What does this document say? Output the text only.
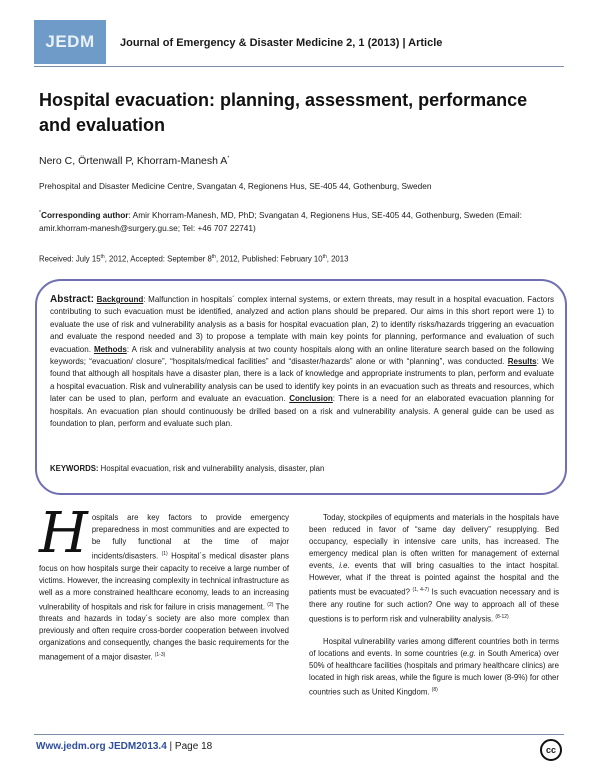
JEDM	Journal of Emergency & Disaster Medicine 2, 1 (2013) | Article
Hospital evacuation: planning, assessment, performance and evaluation
Nero C, Örtenwall P, Khorram-Manesh A*
Prehospital and Disaster Medicine Centre, Svangatan 4, Regionens Hus, SE-405 44, Gothenburg, Sweden
*Corresponding author: Amir Khorram-Manesh, MD, PhD; Svangatan 4, Regionens Hus, SE-405 44, Gothenburg, Sweden (Email: amir.khorram-manesh@surgery.gu.se; Tel: +46 707 22741)
Received: July 15th, 2012, Accepted: September 8th, 2012, Published: February 10th, 2013

Abstract: Background: Malfunction in hospitals´ complex internal systems, or extern threats, may result in a hospital evacuation. Factors contributing to such evacuation must be identified, analyzed and action plans should be prepared. Our aims in this short report were 1) to evaluate the use of risk and vulnerability analysis as a basis for hospital evacuation plan, 2) to identify risks/hazards triggering an evacuation and evaluate the respond needed and 3) to propose a template with main key points for planning, performance and evaluation of such evacuation. Methods: A risk and vulnerability analysis at two county hospitals along with an online literature search based on the following keywords; “evacuation/ closure”, “hospitals/medical facilities” and “disaster/hazards” alone or with “planning”, was conducted. Results: We found that although all hospitals have a disaster plan, there is a lack of knowledge and appropriate instruments to plan, perform and evaluate a hospital evacuation. Risk and vulnerability analysis can be used to identify key points in an evacuation such as threats and resources, which later can be used to plan, perform and evaluate an evacuation. Conclusion: There is a need for an elaborated evacuation planning for hospitals. An evacuation plan should continuously be drilled based on a risk and vulnerability analysis. A general guide can be used as foundation to plan, perform and evaluate such plan.

KEYWORDS: Hospital evacuation, risk and vulnerability analysis, disaster, plan

Hospitals are key factors to provide emergency preparedness in most communities and are expected to be fully functional at the time of major incidents/disasters. $^{(1)}$ Hospital´s medical disaster plans focus on how hospitals surge their capacity to receive a large number of victims. However, the increasing complexity in technical infrastructure as well as a more constrained healthcare economy, leads to an increasing vulnerability of hospitals and risk for failure in crisis management. $^{(2)}$ The threats and hazards in today´s society are also more complex than previously and often require cross-border cooperation between involved organizations and consequently, changes the basic requirements for the management of a major disaster. $^{(1-3)}$

Today, stockpiles of equipments and materials in the hospitals have been reduced in favor of “same day delivery” resupplying. Bed occupancy, especially in intensive care units, has increased. The emergency medical plan is often written for management of external events, i.e. events that will bring casualties to the intact hospital. However, what if the threat is pointed against the hospital and the patients must be evacuated? $^{(1, 4-7)}$ Is such evacuation necessary and is there any routine for such action? One way to approach all of these questions is to perform risk and vulnerability analysis. $^{(8-12)}$

Hospital vulnerability varies among different countries both in terms of locations and events. In some countries (e.g. in South America) over 50% of healthcare facilities (hospitals and primary healthcare clinics) are located in high risk areas, while the figure is much lower (8-9%) for other countries such as United Kingdom. $^{(8)}$

Www.jedm.org JEDM2013.4 | Page 18	cc
